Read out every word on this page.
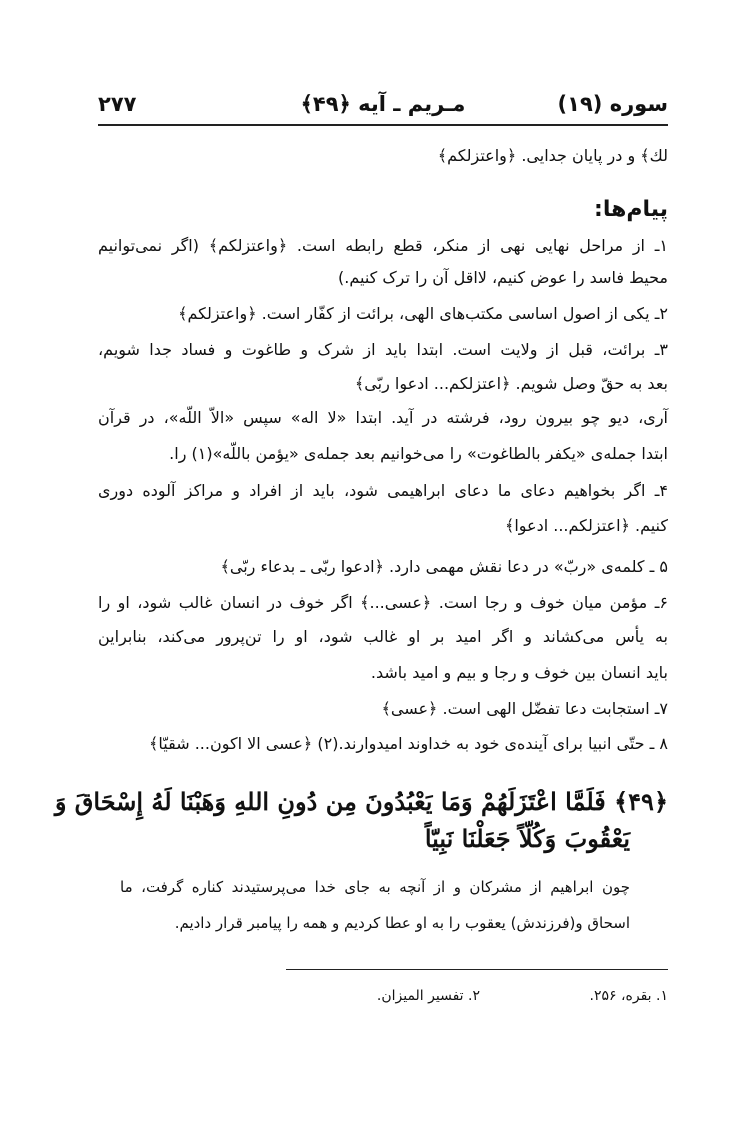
سوره (۱۹)
مـريم ـ آيه ﴿۴۹﴾
۲۷۷
لك﴾ و در پايان جدايى. ﴿واعتزلكم﴾
پيام‌ها:
۱ـ از مراحل نهايى نهى از منكر، قطع رابطه است. ﴿واعتزلكم﴾ (اگر نمى‌توانيم
محيط فاسد را عوض كنيم، لااقل آن را ترک كنيم.)
۲ـ يكى از اصول اساسى مكتب‌هاى الهى، برائت از كفّار است. ﴿واعتزلكم﴾
۳ـ برائت، قبل از ولايت است. ابتدا بايد از شرک و طاغوت و فساد جدا شويم،
بعد به حقّ وصل شويم. ﴿اعتزلكم... ادعوا ربّى﴾
آرى، ديو چو بيرون رود، فرشته در آيد. ابتدا «لا اله» سپس «الاّ اللّه»، در قرآن
ابتدا جمله‌ى «يكفر بالطاغوت» را مى‌خوانيم بعد جمله‌ى «يؤمن باللّه»(۱) را.
۴ـ اگر بخواهيم دعاى ما دعاى ابراهيمى شود، بايد از افراد و مراكز آلوده دورى
كنيم. ﴿اعتزلكم... ادعوا﴾
۵ ـ كلمه‌ى «ربّ» در دعا نقش مهمى دارد. ﴿ادعوا ربّى ـ بدعاء ربّى﴾
۶ـ مؤمن ميان خوف و رجا است. ﴿عسى...﴾ اگر خوف در انسان غالب شود، او را
به يأس مى‌كشاند و اگر اميد بر او غالب شود، او را تن‌پرور مى‌كند، بنابراين
بايد انسان بين خوف و رجا و بيم و اميد باشد.
۷ـ استجابت دعا تفضّل الهى است. ﴿عسى﴾
۸ ـ حتّى انبيا براى آينده‌ى خود به خداوند اميدوارند.(۲) ﴿عسى الا اكون... شقيّا﴾
﴿۴۹﴾ فَلَمَّا اعْتَزَلَهُمْ وَمَا يَعْبُدُونَ مِن دُونِ اللهِ وَهَبْنَا لَهُ إِسْحَاقَ وَ
يَعْقُوبَ وَكُلّاً جَعَلْنَا نَبِيّاً
چون ابراهيم از مشركان و از آنچه به جاى خدا مى‌پرستيدند كناره گرفت، ما
اسحاق و(فرزندش) يعقوب را به او عطا كرديم و همه را پيامبر قرار داديم.
۱. بقره، ۲۵۶.
۲. تفسير الميزان.
